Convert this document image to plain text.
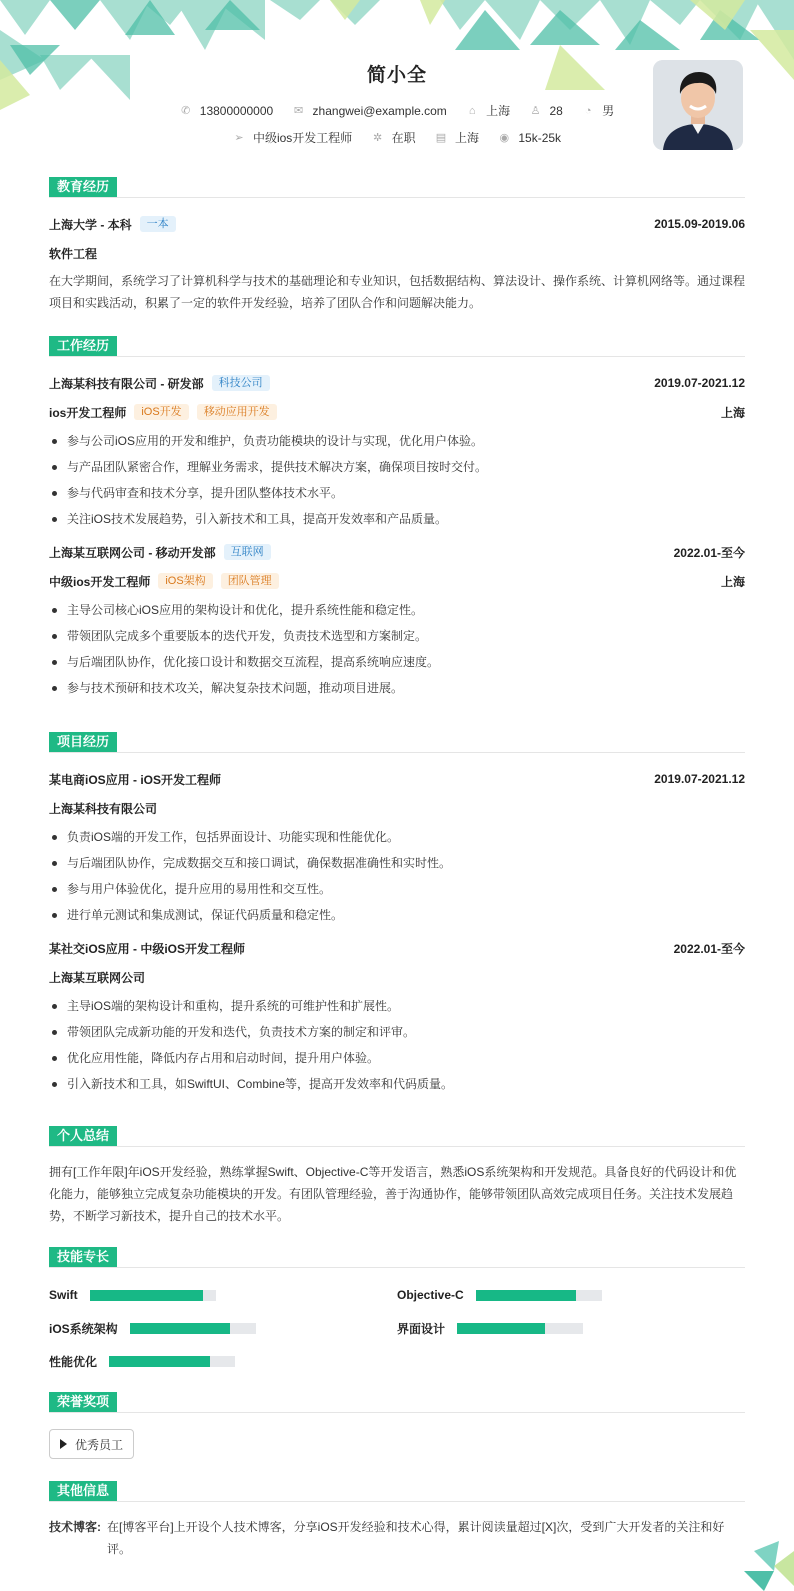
简小全
✆ 13800000000
✉ zhangwei@example.com
⌂ 上海
♙ 28
◔ 男
➢ 中级ios开发工程师
✲ 在职
▤ 上海
◉ 15k-25k
教育经历
上海大学 - 本科	一本	2015.09-2019.06
软件工程
在大学期间，系统学习了计算机科学与技术的基础理论和专业知识，包括数据结构、算法设计、操作系统、计算机网络等。通过课程项目和实践活动，积累了一定的软件开发经验，培养了团队合作和问题解决能力。
工作经历
上海某科技有限公司 - 研发部	科技公司	2019.07-2021.12
ios开发工程师	iOS开发	移动应用开发	上海
参与公司iOS应用的开发和维护，负责功能模块的设计与实现，优化用户体验。
与产品团队紧密合作，理解业务需求，提供技术解决方案，确保项目按时交付。
参与代码审查和技术分享，提升团队整体技术水平。
关注iOS技术发展趋势，引入新技术和工具，提高开发效率和产品质量。
上海某互联网公司 - 移动开发部	互联网	2022.01-至今
中级ios开发工程师	iOS架构	团队管理	上海
主导公司核心iOS应用的架构设计和优化，提升系统性能和稳定性。
带领团队完成多个重要版本的迭代开发，负责技术选型和方案制定。
与后端团队协作，优化接口设计和数据交互流程，提高系统响应速度。
参与技术预研和技术攻关，解决复杂技术问题，推动项目进展。
项目经历
某电商iOS应用 - iOS开发工程师	2019.07-2021.12
上海某科技有限公司
负责iOS端的开发工作，包括界面设计、功能实现和性能优化。
与后端团队协作，完成数据交互和接口调试，确保数据准确性和实时性。
参与用户体验优化，提升应用的易用性和交互性。
进行单元测试和集成测试，保证代码质量和稳定性。
某社交iOS应用 - 中级iOS开发工程师	2022.01-至今
上海某互联网公司
主导iOS端的架构设计和重构，提升系统的可维护性和扩展性。
带领团队完成新功能的开发和迭代，负责技术方案的制定和评审。
优化应用性能，降低内存占用和启动时间，提升用户体验。
引入新技术和工具，如SwiftUI、Combine等，提高开发效率和代码质量。
个人总结
拥有[工作年限]年iOS开发经验，熟练掌握Swift、Objective-C等开发语言，熟悉iOS系统架构和开发规范。具备良好的代码设计和优化能力，能够独立完成复杂功能模块的开发。有团队管理经验，善于沟通协作，能够带领团队高效完成项目任务。关注技术发展趋势，不断学习新技术，提升自己的技术水平。
技能专长
Swift	Objective-C
iOS系统架构	界面设计
性能优化
荣誉奖项
优秀员工
其他信息
技术博客: 在[博客平台]上开设个人技术博客，分享iOS开发经验和技术心得，累计阅读量超过[X]次，受到广大开发者的关注和好评。
